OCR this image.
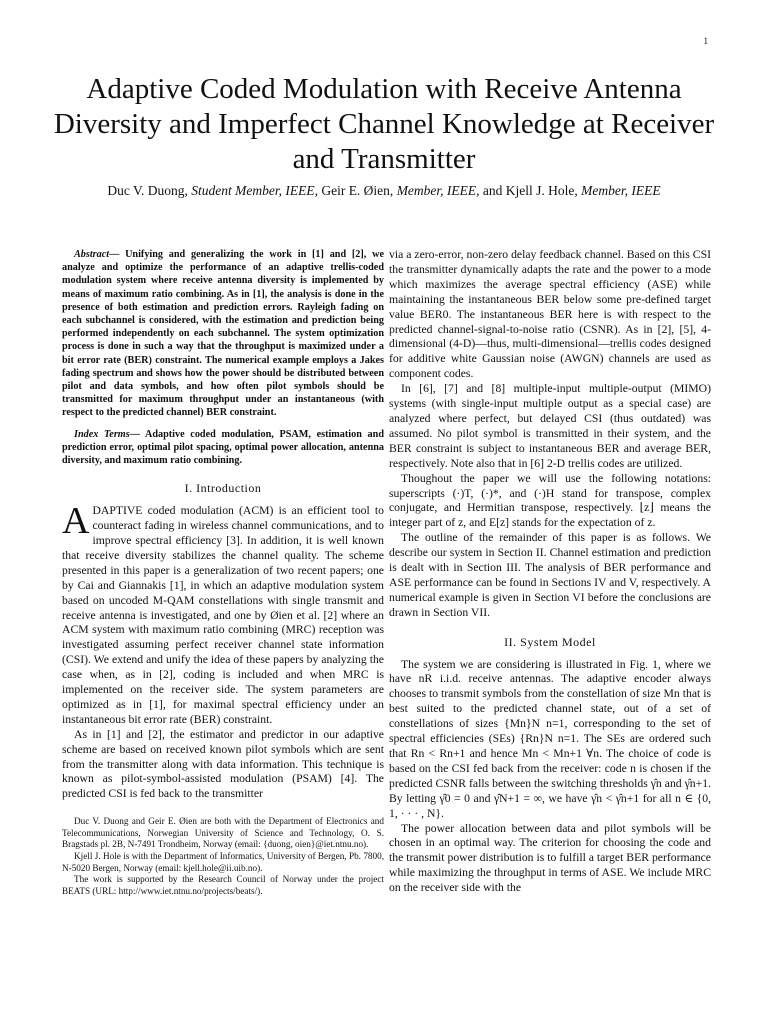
1
Adaptive Coded Modulation with Receive Antenna Diversity and Imperfect Channel Knowledge at Receiver and Transmitter
Duc V. Duong, Student Member, IEEE, Geir E. Øien, Member, IEEE, and Kjell J. Hole, Member, IEEE

Abstract— Unifying and generalizing the work in [1] and [2], we analyze and optimize the performance of an adaptive trellis-coded modulation system where receive antenna diversity is implemented by means of maximum ratio combining. As in [1], the analysis is done in the presence of both estimation and prediction errors. Rayleigh fading on each subchannel is considered, with the estimation and prediction being performed independently on each subchannel. The system optimization process is done in such a way that the throughput is maximized under a bit error rate (BER) constraint. The numerical example employs a Jakes fading spectrum and shows how the power should be distributed between pilot and data symbols, and how often pilot symbols should be transmitted for maximum throughput under an instantaneous (with respect to the predicted channel) BER constraint.

Index Terms— Adaptive coded modulation, PSAM, estimation and prediction error, optimal pilot spacing, optimal power allocation, antenna diversity, and maximum ratio combining.

I. Introduction

ADAPTIVE coded modulation (ACM) is an efficient tool to counteract fading in wireless channel communications, and to improve spectral efficiency [3]. In addition, it is well known that receive diversity stabilizes the channel quality. The scheme presented in this paper is a generalization of two recent papers; one by Cai and Giannakis [1], in which an adaptive modulation system based on uncoded M-QAM constellations with single transmit and receive antenna is investigated, and one by Øien et al. [2] where an ACM system with maximum ratio combining (MRC) reception was investigated assuming perfect receiver channel state information (CSI). We extend and unify the idea of these papers by analyzing the case when, as in [2], coding is included and when MRC is implemented on the receiver side. The system parameters are optimized as in [1], for maximal spectral efficiency under an instantaneous bit error rate (BER) constraint.

As in [1] and [2], the estimator and predictor in our adaptive scheme are based on received known pilot symbols which are sent from the transmitter along with data information. This technique is known as pilot-symbol-assisted modulation (PSAM) [4]. The predicted CSI is fed back to the transmitter

Duc V. Duong and Geir E. Øien are both with the Department of Electronics and Telecommunications, Norwegian University of Science and Technology, O. S. Bragstads pl. 2B, N-7491 Trondheim, Norway (email: {duong, oien}@iet.ntnu.no).

Kjell J. Hole is with the Department of Informatics, University of Bergen, Pb. 7800, N-5020 Bergen, Norway (email: kjell.hole@ii.uib.no).

The work is supported by the Research Council of Norway under the project BEATS (URL: http://www.iet.ntnu.no/projects/beats/).

via a zero-error, non-zero delay feedback channel. Based on this CSI the transmitter dynamically adapts the rate and the power to a mode which maximizes the average spectral efficiency (ASE) while maintaining the instantaneous BER below some pre-defined target value BER0. The instantaneous BER here is with respect to the predicted channel-signal-to-noise ratio (CSNR). As in [2], [5], 4-dimensional (4-D)—thus, multi-dimensional—trellis codes designed for additive white Gaussian noise (AWGN) channels are used as component codes.

In [6], [7] and [8] multiple-input multiple-output (MIMO) systems (with single-input multiple output as a special case) are analyzed where perfect, but delayed CSI (thus outdated) was assumed. No pilot symbol is transmitted in their system, and the BER constraint is subject to instantaneous BER and average BER, respectively. Note also that in [6] 2-D trellis codes are utilized.

Thoughout the paper we will use the following notations: superscripts (·)T, (·)*, and (·)H stand for transpose, complex conjugate, and Hermitian transpose, respectively. ⌊z⌋ means the integer part of z, and E[z] stands for the expectation of z.

The outline of the remainder of this paper is as follows. We describe our system in Section II. Channel estimation and prediction is dealt with in Section III. The analysis of BER performance and ASE performance can be found in Sections IV and V, respectively. A numerical example is given in Section VI before the conclusions are drawn in Section VII.

II. System Model

The system we are considering is illustrated in Fig. 1, where we have nR i.i.d. receive antennas. The adaptive encoder always chooses to transmit symbols from the constellation of size Mn that is best suited to the predicted channel state, out of a set of constellations of sizes {Mn}N n=1, corresponding to the set of spectral efficiencies (SEs) {Rn}N n=1. The SEs are ordered such that Rn < Rn+1 and hence Mn < Mn+1 ∀n. The choice of code is based on the CSI fed back from the receiver: code n is chosen if the predicted CSNR falls between the switching thresholds γ̂n and γ̂n+1. By letting γ̂0 = 0 and γ̂N+1 = ∞, we have γ̂n < γ̂n+1 for all n ∈ {0, 1, · · · , N}.

The power allocation between data and pilot symbols will be chosen in an optimal way. The criterion for choosing the code and the transmit power distribution is to fulfill a target BER performance while maximizing the throughput in terms of ASE. We include MRC on the receiver side with the
